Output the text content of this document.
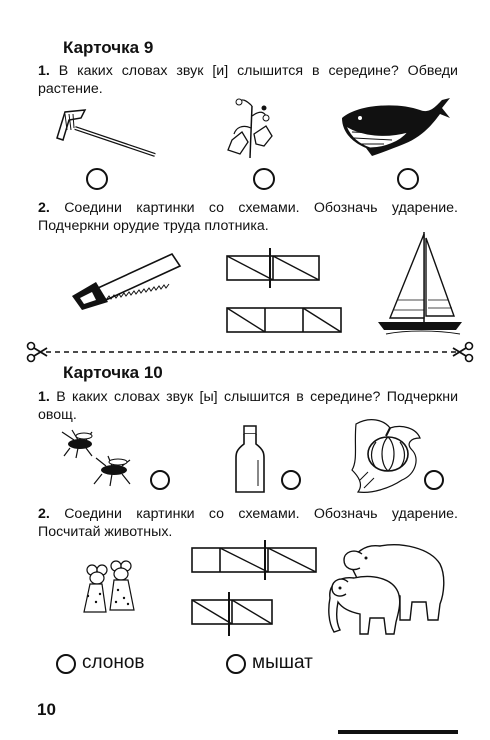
Карточка 9
1. В каких словах звук [и] слышится в середине? Обведи растение.
2. Соедини картинки со схемами. Обозначь ударение. Подчеркни орудие труда плотника.
Карточка 10
1. В каких словах звук [ы] слышится в середине? Подчеркни овощ.
2. Соедини картинки со схемами. Обозначь ударение. Посчитай животных.
слонов	мышат
10
